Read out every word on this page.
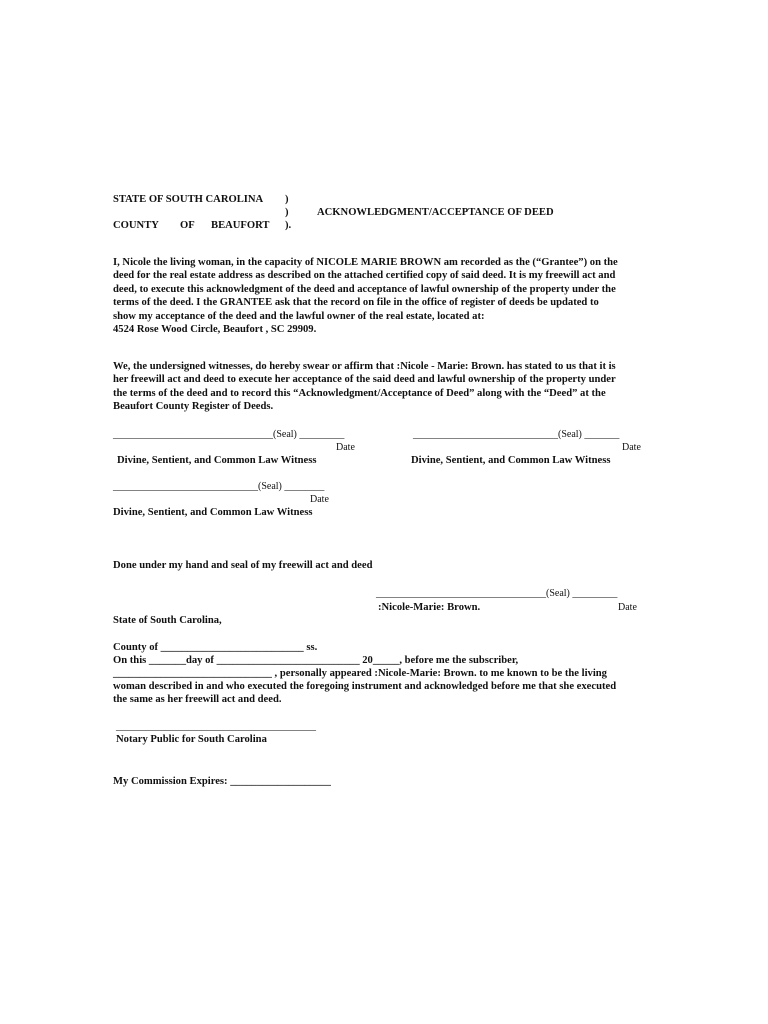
STATE OF SOUTH CAROLINA )
)	ACKNOWLEDGMENT/ACCEPTANCE OF DEED
COUNTY OF BEAUFORT ).
I, Nicole the living woman, in the capacity of NICOLE MARIE BROWN am recorded as the (“Grantee”) on the
deed for the real estate address as described on the attached certified copy of said deed. It is my freewill act and
deed, to execute this acknowledgment of the deed and acceptance of lawful ownership of the property under the
terms of the deed. I the GRANTEE ask that the record on file in the office of register of deeds be updated to
show my acceptance of the deed and the lawful owner of the real estate, located at:
4524 Rose Wood Circle, Beaufort , SC 29909.
We, the undersigned witnesses, do hereby swear or affirm that :Nicole - Marie: Brown. has stated to us that it is
her freewill act and deed to execute her acceptance of the said deed and lawful ownership of the property under
the terms of the deed and to record this “Acknowledgment/Acceptance of Deed” along with the “Deed” at the
Beaufort County Register of Deeds.
________________________________(Seal) _________
Date
Divine, Sentient, and Common Law Witness
_____________________________(Seal) _______
Date
Divine, Sentient, and Common Law Witness
_____________________________(Seal) ________
Date
Divine, Sentient, and Common Law Witness
Done under my hand and seal of my freewill act and deed
__________________________________(Seal) _________
:Nicole-Marie: Brown.	Date
State of South Carolina,
County of ___________________________ ss.
On this _______day of ___________________________ 20_____, before me the subscriber,
______________________________ , personally appeared :Nicole-Marie: Brown. to me known to be the living
woman described in and who executed the foregoing instrument and acknowledged before me that she executed
the same as her freewill act and deed.
________________________________________
Notary Public for South Carolina
My Commission Expires: ___________________
